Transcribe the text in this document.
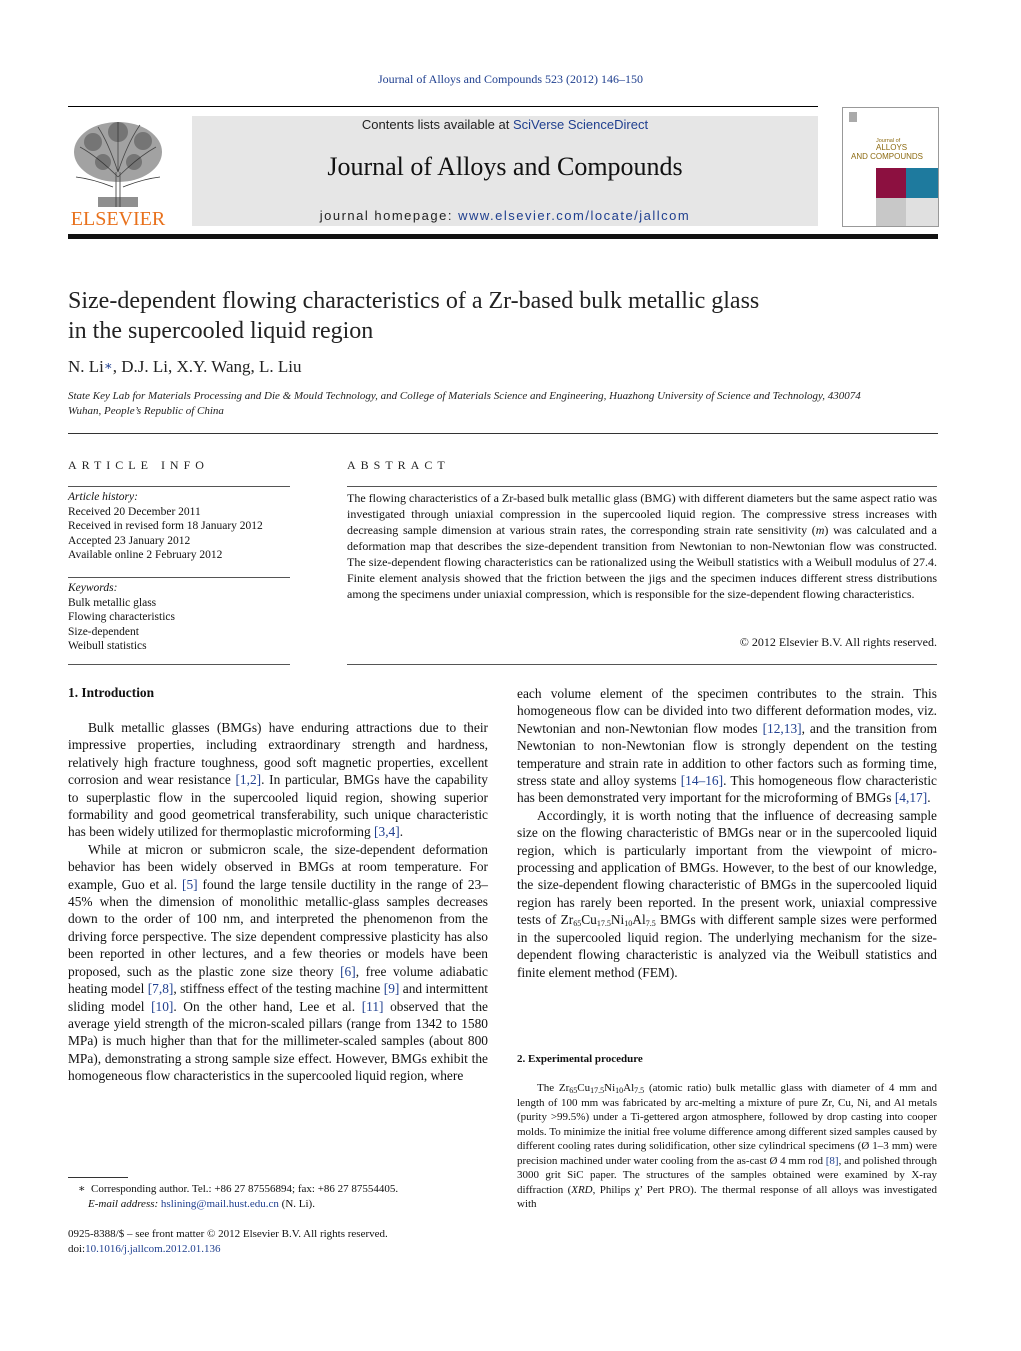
Journal of Alloys and Compounds 523 (2012) 146–150
ELSEVIER
Contents lists available at SciVerse ScienceDirect
Journal of Alloys and Compounds
journal homepage: www.elsevier.com/locate/jallcom
Journal of
ALLOYS
AND COMPOUNDS
Size-dependent flowing characteristics of a Zr-based bulk metallic glass
in the supercooled liquid region
N. Li∗, D.J. Li, X.Y. Wang, L. Liu
State Key Lab for Materials Processing and Die & Mould Technology, and College of Materials Science and Engineering, Huazhong University of Science and Technology, 430074
Wuhan, People’s Republic of China
ARTICLE INFO
Article history:
Received 20 December 2011
Received in revised form 18 January 2012
Accepted 23 January 2012
Available online 2 February 2012
Keywords:
Bulk metallic glass
Flowing characteristics
Size-dependent
Weibull statistics
ABSTRACT
The flowing characteristics of a Zr-based bulk metallic glass (BMG) with different diameters but the same aspect ratio was investigated through uniaxial compression in the supercooled liquid region. The compressive stress increases with decreasing sample dimension at various strain rates, the corresponding strain rate sensitivity (m) was calculated and a deformation map that describes the size-dependent transition from Newtonian to non-Newtonian flow was constructed. The size-dependent flowing characteristics can be rationalized using the Weibull statistics with a Weibull modulus of 27.4. Finite element analysis showed that the friction between the jigs and the specimen induces different stress distributions among the specimens under uniaxial compression, which is responsible for the size-dependent flowing characteristics.
© 2012 Elsevier B.V. All rights reserved.
1. Introduction

Bulk metallic glasses (BMGs) have enduring attractions due to their impressive properties, including extraordinary strength and hardness, relatively high fracture toughness, good soft magnetic properties, excellent corrosion and wear resistance [1,2]. In particular, BMGs have the capability to superplastic flow in the supercooled liquid region, showing superior formability and good geometrical transferability, such unique characteristic has been widely utilized for thermoplastic microforming [3,4].

While at micron or submicron scale, the size-dependent deformation behavior has been widely observed in BMGs at room temperature. For example, Guo et al. [5] found the large tensile ductility in the range of 23–45% when the dimension of monolithic metallic-glass samples decreases down to the order of 100 nm, and interpreted the phenomenon from the driving force perspective. The size dependent compressive plasticity has also been reported in other lectures, and a few theories or models have been proposed, such as the plastic zone size theory [6], free volume adiabatic heating model [7,8], stiffness effect of the testing machine [9] and intermittent sliding model [10]. On the other hand, Lee et al. [11] observed that the average yield strength of the micron-scaled pillars (range from 1342 to 1580 MPa) is much higher than that for the millimeter-scaled samples (about 800 MPa), demonstrating a strong sample size effect. However, BMGs exhibit the homogeneous flow characteristics in the supercooled liquid region, where

each volume element of the specimen contributes to the strain. This homogeneous flow can be divided into two different deformation modes, viz. Newtonian and non-Newtonian flow modes [12,13], and the transition from Newtonian to non-Newtonian flow is strongly dependent on the testing temperature and strain rate in addition to other factors such as forming time, stress state and alloy systems [14–16]. This homogeneous flow characteristic has been demonstrated very important for the microforming of BMGs [4,17].

Accordingly, it is worth noting that the influence of decreasing sample size on the flowing characteristic of BMGs near or in the supercooled liquid region, which is particularly important from the viewpoint of micro-processing and application of BMGs. However, to the best of our knowledge, the size-dependent flowing characteristic of BMGs in the supercooled liquid region has rarely been reported. In the present work, uniaxial compressive tests of $Zr_{65}Cu_{17.5}Ni_{10}Al_{7.5}$ BMGs with different sample sizes were performed in the supercooled liquid region. The underlying mechanism for the size-dependent flowing characteristic is analyzed via the Weibull statistics and finite element method (FEM).

2. Experimental procedure

The $Zr_{65}Cu_{17.5}Ni_{10}Al_{7.5}$ (atomic ratio) bulk metallic glass with diameter of 4 mm and length of 100 mm was fabricated by arc-melting a mixture of pure Zr, Cu, Ni, and Al metals (purity >99.5%) under a Ti-gettered argon atmosphere, followed by drop casting into cooper molds. To minimize the initial free volume difference among different sized samples caused by different cooling rates during solidification, other size cylindrical specimens (Ø 1–3 mm) were precision machined under water cooling from the as-cast Ø 4 mm rod [8], and polished through 3000 grit SiC paper. The structures of the samples obtained were examined by X-ray diffraction (XRD, Philips χ’ Pert PRO). The thermal response of all alloys was investigated with

∗ Corresponding author. Tel.: +86 27 87556894; fax: +86 27 87554405.
E-mail address: hslining@mail.hust.edu.cn (N. Li).
0925-8388/$ – see front matter © 2012 Elsevier B.V. All rights reserved.
doi:10.1016/j.jallcom.2012.01.136
